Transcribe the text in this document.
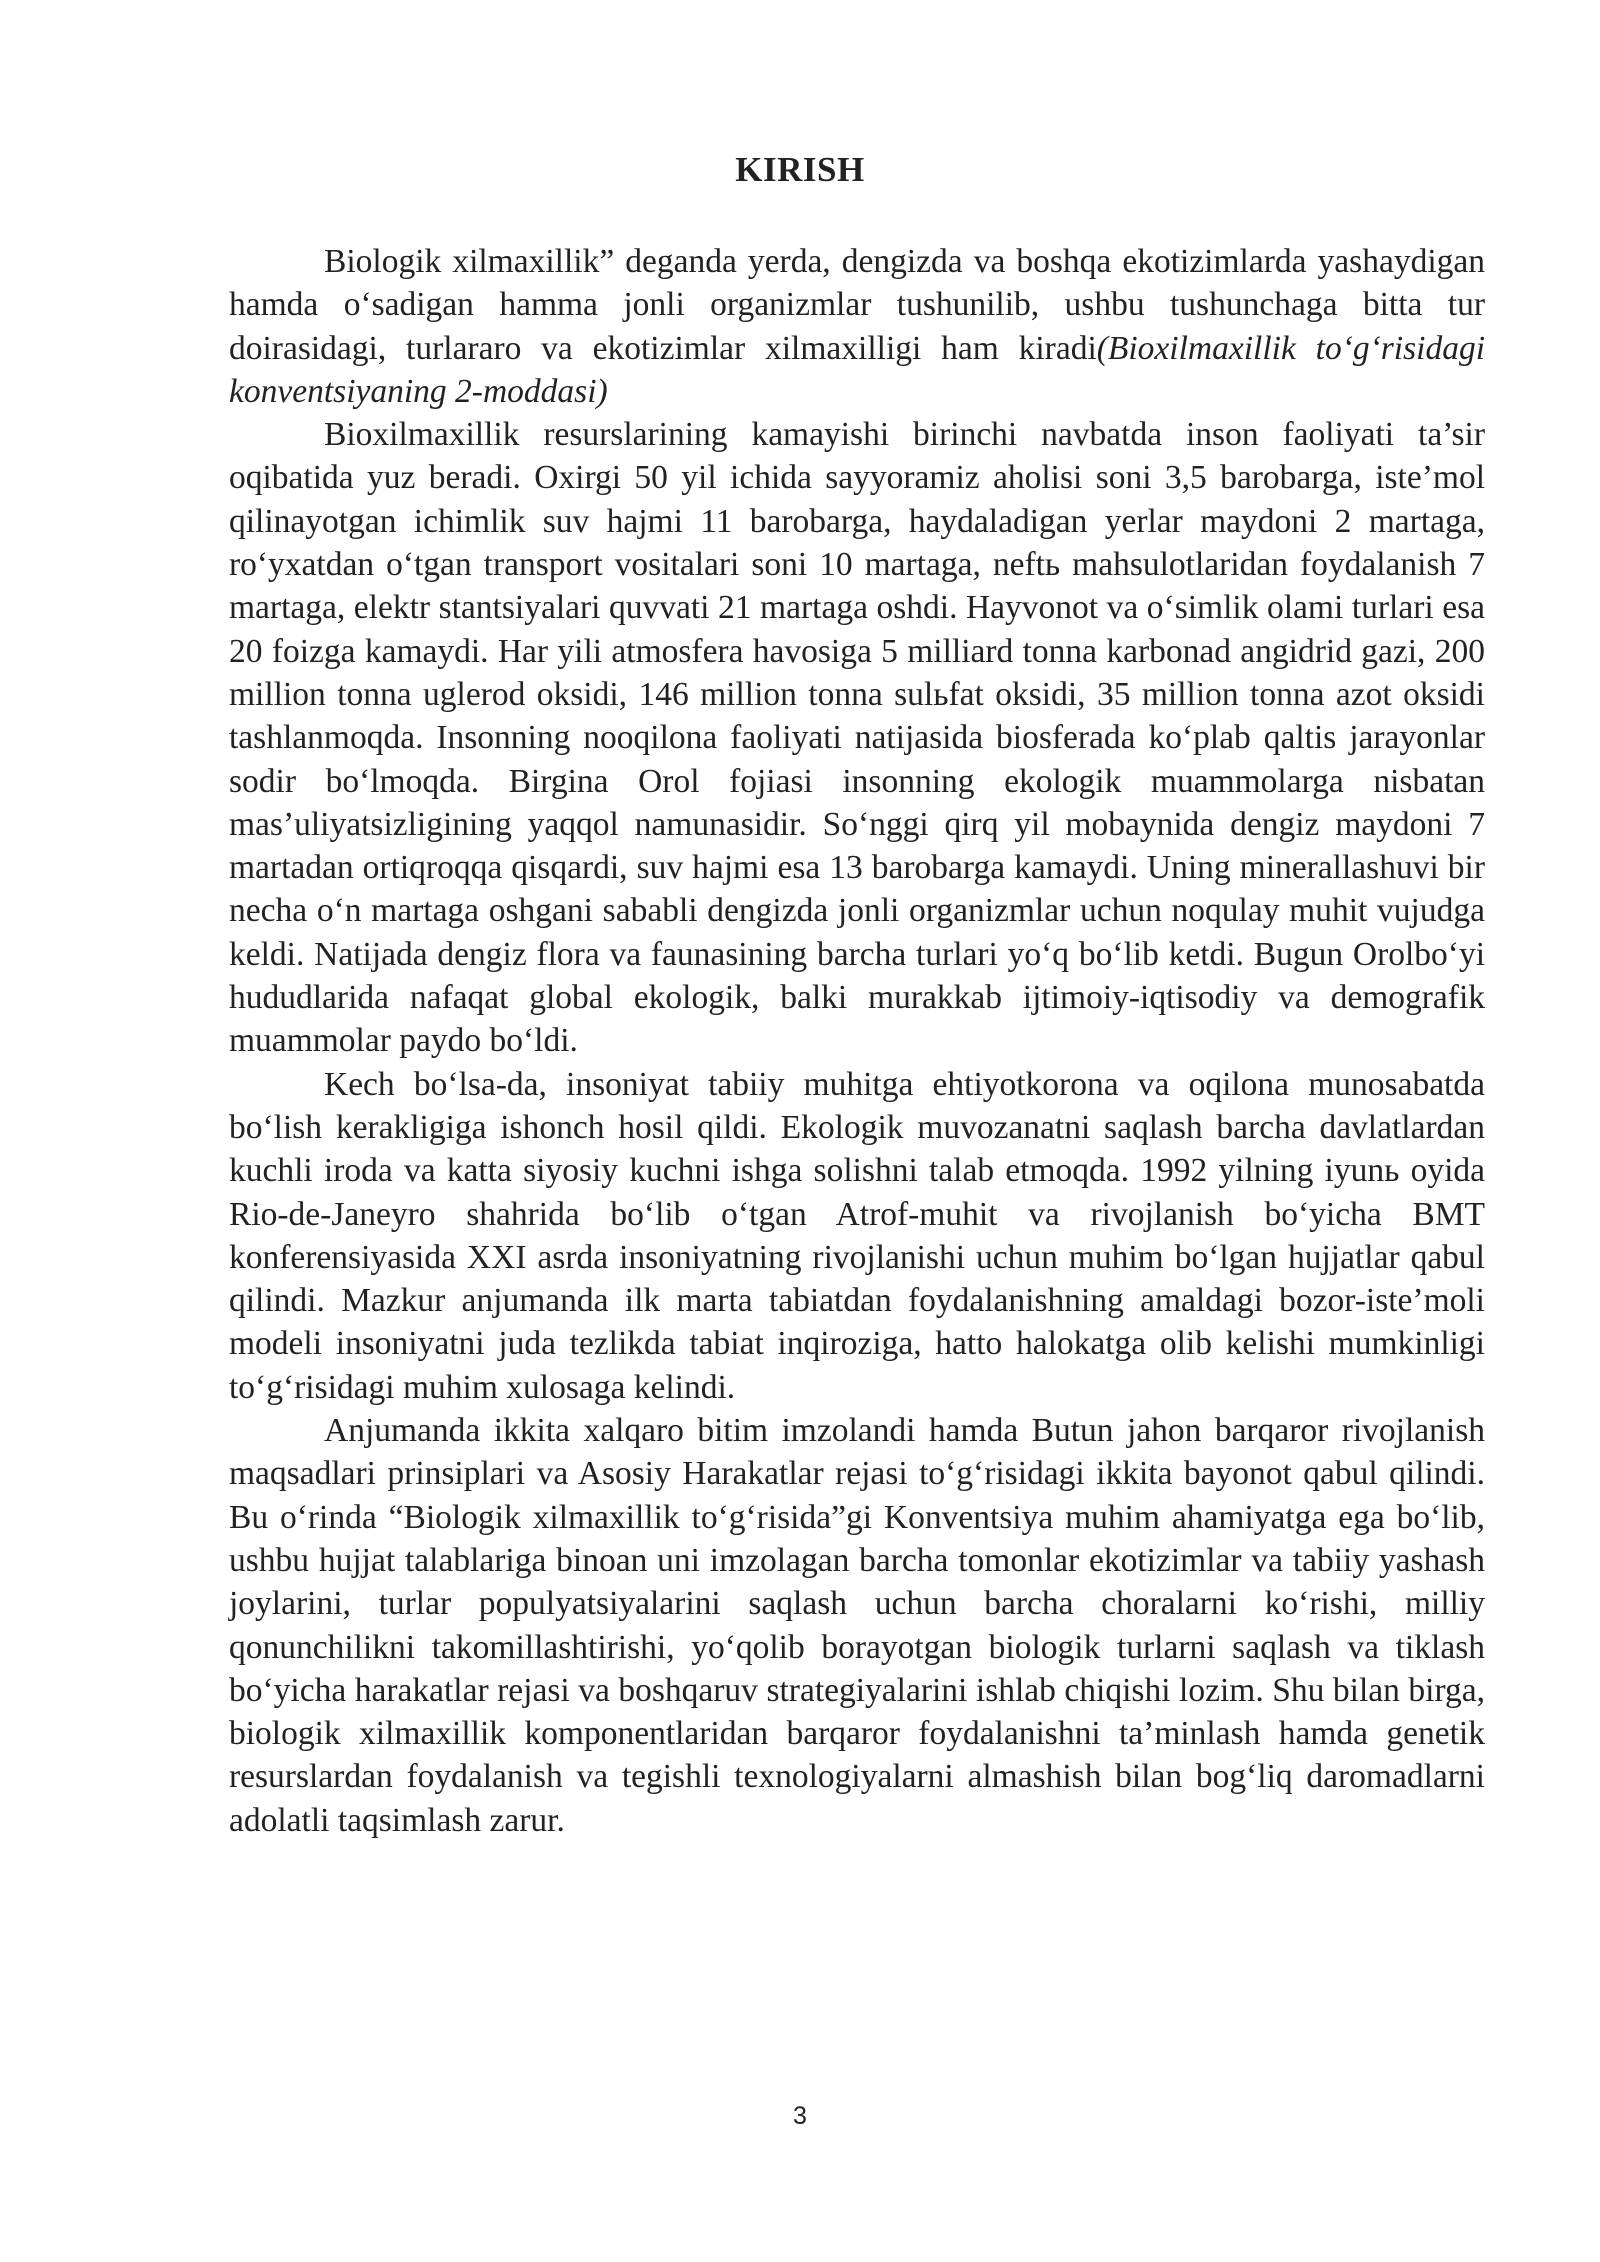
KIRISH

Biologik xilmaxillik” deganda yerda, dengizda va boshqa ekotizimlarda yashaydigan hamda o‘sadigan hamma jonli organizmlar tushunilib, ushbu tushunchaga bitta tur doirasidagi, turlararo va ekotizimlar xilmaxilligi ham kiradi(Bioxilmaxillik to‘g‘risidagi konventsiyaning 2-moddasi)

Bioxilmaxillik resurslarining kamayishi birinchi navbatda inson faoliyati ta’sir oqibatida yuz beradi. Oxirgi 50 yil ichida sayyoramiz aholisi soni 3,5 barobarga, iste’mol qilinayotgan ichimlik suv hajmi 11 barobarga, haydaladigan yerlar maydoni 2 martaga, ro‘yxatdan o‘tgan transport vositalari soni 10 martaga, neftь mahsulotlaridan foydalanish 7 martaga, elektr stantsiyalari quvvati 21 martaga oshdi. Hayvonot va o‘simlik olami turlari esa 20 foizga kamaydi. Har yili atmosfera havosiga 5 milliard tonna karbonad angidrid gazi, 200 million tonna uglerod oksidi, 146 million tonna sulьfat oksidi, 35 million tonna azot oksidi tashlanmoqda. Insonning nooqilona faoliyati natijasida biosferada ko‘plab qaltis jarayonlar sodir bo‘lmoqda. Birgina Orol fojiasi insonning ekologik muammolarga nisbatan mas’uliyatsizligining yaqqol namunasidir. So‘nggi qirq yil mobaynida dengiz maydoni 7 martadan ortiqroqqa qisqardi, suv hajmi esa 13 barobarga kamaydi. Uning minerallashuvi bir necha o‘n martaga oshgani sababli dengizda jonli organizmlar uchun noqulay muhit vujudga keldi. Natijada dengiz flora va faunasining barcha turlari yo‘q bo‘lib ketdi. Bugun Orolbo‘yi hududlarida nafaqat global ekologik, balki murakkab ijtimoiy-iqtisodiy va demografik muammolar paydo bo‘ldi.

Kech bo‘lsa-da, insoniyat tabiiy muhitga ehtiyotkorona va oqilona munosabatda bo‘lish kerakligiga ishonch hosil qildi. Ekologik muvozanatni saqlash barcha davlatlardan kuchli iroda va katta siyosiy kuchni ishga solishni talab etmoqda. 1992 yilning iyunь oyida Rio-de-Janeyro shahrida bo‘lib o‘tgan Atrof-muhit va rivojlanish bo‘yicha BMT konferensiyasida XXI asrda insoniyatning rivojlanishi uchun muhim bo‘lgan hujjatlar qabul qilindi. Mazkur anjumanda ilk marta tabiatdan foydalanishning amaldagi bozor-iste’moli modeli insoniyatni juda tezlikda tabiat inqiroziga, hatto halokatga olib kelishi mumkinligi to‘g‘risidagi muhim xulosaga kelindi.

Anjumanda ikkita xalqaro bitim imzolandi hamda Butun jahon barqaror rivojlanish maqsadlari prinsiplari va Asosiy Harakatlar rejasi to‘g‘risidagi ikkita bayonot qabul qilindi. Bu o‘rinda “Biologik xilmaxillik to‘g‘risida”gi Konventsiya muhim ahamiyatga ega bo‘lib, ushbu hujjat talablariga binoan uni imzolagan barcha tomonlar ekotizimlar va tabiiy yashash joylarini, turlar populyatsiyalarini saqlash uchun barcha choralarni ko‘rishi, milliy qonunchilikni takomillashtirishi, yo‘qolib borayotgan biologik turlarni saqlash va tiklash bo‘yicha harakatlar rejasi va boshqaruv strategiyalarini ishlab chiqishi lozim. Shu bilan birga, biologik xilmaxillik komponentlaridan barqaror foydalanishni ta’minlash hamda genetik resurslardan foydalanish va tegishli texnologiyalarni almashish bilan bog‘liq daromadlarni adolatli taqsimlash zarur.

3
